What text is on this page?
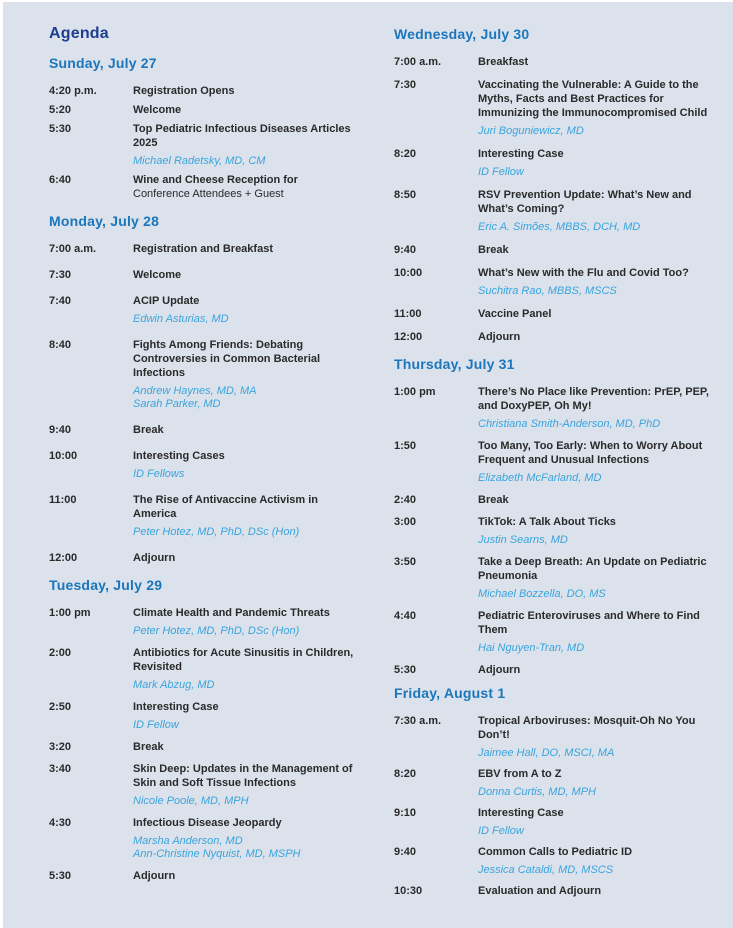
Agenda
Sunday, July 27
4:20 p.m.	Registration Opens
5:20	Welcome
5:30	Top Pediatric Infectious Diseases Articles 2025
Michael Radetsky, MD, CM
6:40	Wine and Cheese Reception for
Conference Attendees + Guest
Monday, July 28
7:00 a.m.	Registration and Breakfast
7:30	Welcome
7:40	ACIP Update
Edwin Asturias, MD
8:40	Fights Among Friends: Debating Controversies in Common Bacterial Infections
Andrew Haynes, MD, MA
Sarah Parker, MD
9:40	Break
10:00	Interesting Cases
ID Fellows
11:00	The Rise of Antivaccine Activism in America
Peter Hotez, MD, PhD, DSc (Hon)
12:00	Adjourn
Tuesday, July 29
1:00 pm	Climate Health and Pandemic Threats
Peter Hotez, MD, PhD, DSc (Hon)
2:00	Antibiotics for Acute Sinusitis in Children, Revisited
Mark Abzug, MD
2:50	Interesting Case
ID Fellow
3:20	Break
3:40	Skin Deep: Updates in the Management of Skin and Soft Tissue Infections
Nicole Poole, MD, MPH
4:30	Infectious Disease Jeopardy
Marsha Anderson, MD
Ann-Christine Nyquist, MD, MSPH
5:30	Adjourn
Wednesday, July 30
7:00 a.m.	Breakfast
7:30	Vaccinating the Vulnerable: A Guide to the Myths, Facts and Best Practices for Immunizing the Immunocompromised Child
Juri Boguniewicz, MD
8:20	Interesting Case
ID Fellow
8:50	RSV Prevention Update: What’s New and What’s Coming?
Eric A. Simões, MBBS, DCH, MD
9:40	Break
10:00	What’s New with the Flu and Covid Too?
Suchitra Rao, MBBS, MSCS
11:00	Vaccine Panel
12:00	Adjourn
Thursday, July 31
1:00 pm	There’s No Place like Prevention: PrEP, PEP, and DoxyPEP, Oh My!
Christiana Smith-Anderson, MD, PhD
1:50	Too Many, Too Early: When to Worry About Frequent and Unusual Infections
Elizabeth McFarland, MD
2:40	Break
3:00	TikTok: A Talk About Ticks
Justin Searns, MD
3:50	Take a Deep Breath: An Update on Pediatric Pneumonia
Michael Bozzella, DO, MS
4:40	Pediatric Enteroviruses and Where to Find Them
Hai Nguyen-Tran, MD
5:30	Adjourn
Friday, August 1
7:30 a.m.	Tropical Arboviruses: Mosquit-Oh No You Don’t!
Jaimee Hall, DO, MSCI, MA
8:20	EBV from A to Z
Donna Curtis, MD, MPH
9:10	Interesting Case
ID Fellow
9:40	Common Calls to Pediatric ID
Jessica Cataldi, MD, MSCS
10:30	Evaluation and Adjourn
